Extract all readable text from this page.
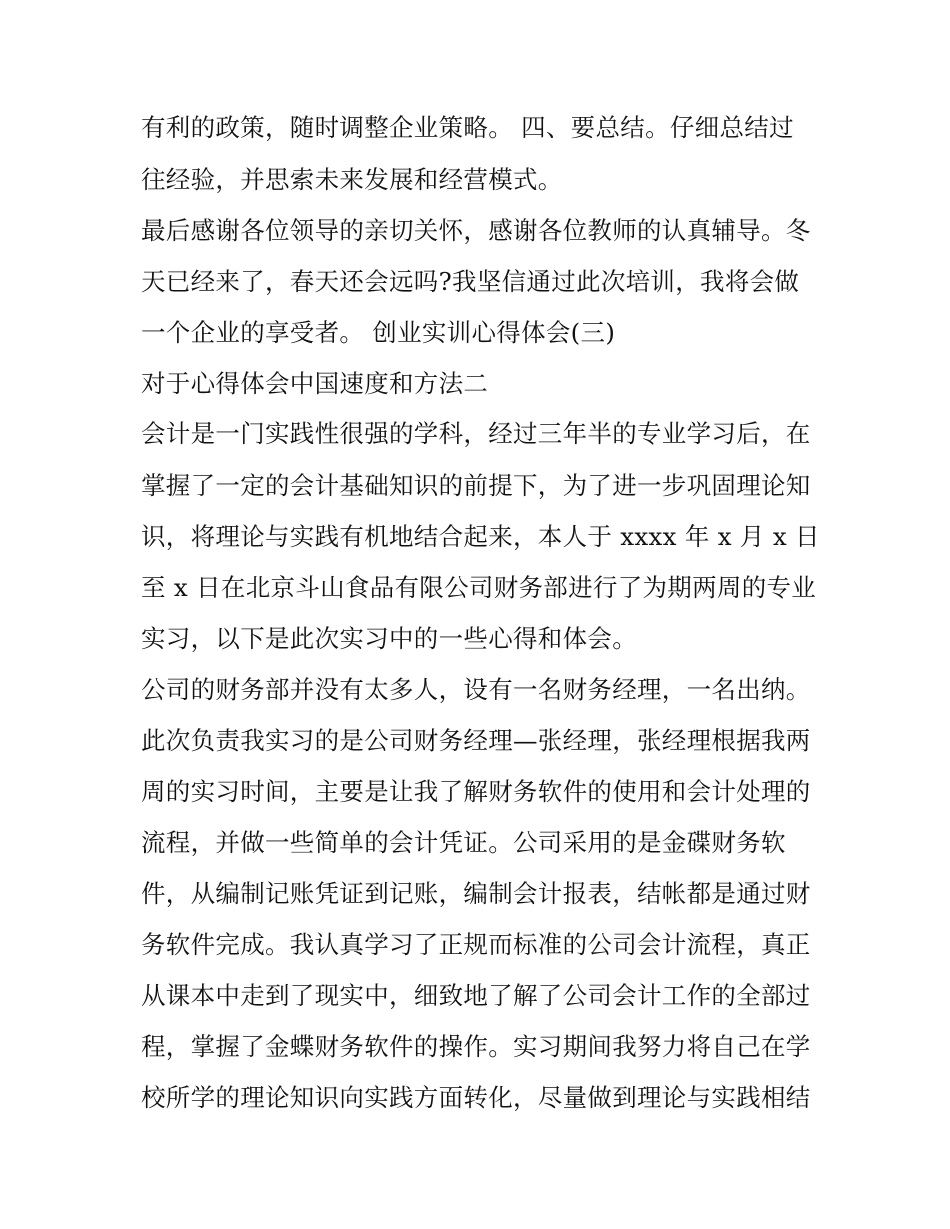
有利的政策，随时调整企业策略。 四、要总结。仔细总结过
往经验，并思索未来发展和经营模式。
最后感谢各位领导的亲切关怀，感谢各位教师的认真辅导。冬
天已经来了，春天还会远吗?我坚信通过此次培训，我将会做
一个企业的享受者。 创业实训心得体会(三)
对于心得体会中国速度和方法二
会计是一门实践性很强的学科，经过三年半的专业学习后，在
掌握了一定的会计基础知识的前提下，为了进一步巩固理论知
识，将理论与实践有机地结合起来，本人于 xxxx 年 x 月 x 日
至 x 日在北京斗山食品有限公司财务部进行了为期两周的专业
实习，以下是此次实习中的一些心得和体会。
公司的财务部并没有太多人，设有一名财务经理，一名出纳。
此次负责我实习的是公司财务经理—张经理，张经理根据我两
周的实习时间，主要是让我了解财务软件的使用和会计处理的
流程，并做一些简单的会计凭证。公司采用的是金碟财务软
件，从编制记账凭证到记账，编制会计报表，结帐都是通过财
务软件完成。我认真学习了正规而标准的公司会计流程，真正
从课本中走到了现实中，细致地了解了公司会计工作的全部过
程，掌握了金蝶财务软件的操作。实习期间我努力将自己在学
校所学的理论知识向实践方面转化，尽量做到理论与实践相结
